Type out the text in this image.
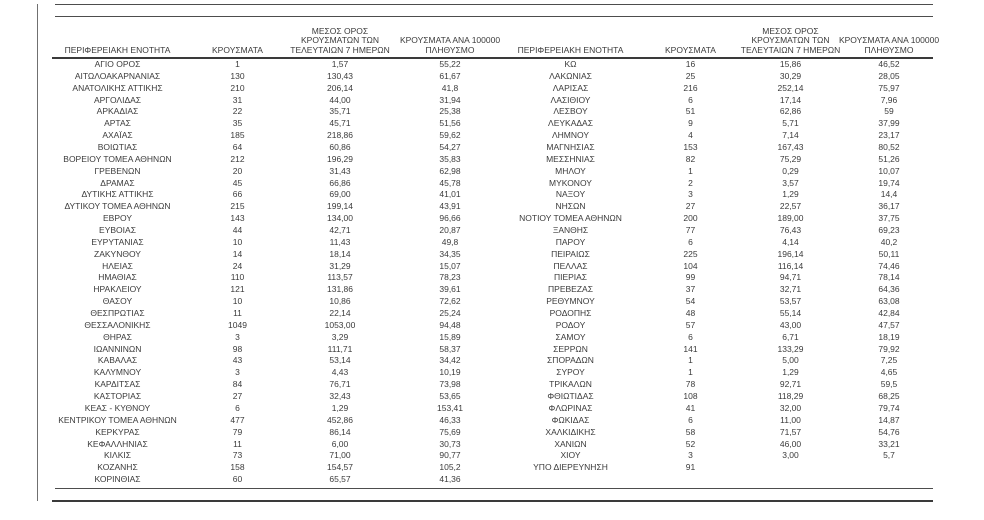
ΠΕΡΙΦΕΡΕΙΑΚΗ ΕΝΟΤΗΤΑ	ΚΡΟΥΣΜΑΤΑ
ΜΕΣΟΣ ΟΡΟΣ
ΚΡΟΥΣΜΑΤΩΝ ΤΩΝ
ΤΕΛΕΥΤΑΙΩΝ 7 ΗΜΕΡΩΝ
ΚΡΟΥΣΜΑΤΑ ΑΝΑ 100000
ΠΛΗΘΥΣΜΟ
ΑΓΙΟ ΟΡΟΣ	1	1,57	55,22
ΑΙΤΩΛΟΑΚΑΡΝΑΝΙΑΣ	130	130,43	61,67
ΑΝΑΤΟΛΙΚΗΣ ΑΤΤΙΚΗΣ	210	206,14	41,8
ΑΡΓΟΛΙΔΑΣ	31	44,00	31,94
ΑΡΚΑΔΙΑΣ	22	35,71	25,38
ΑΡΤΑΣ	35	45,71	51,56
ΑΧΑΪΑΣ	185	218,86	59,62
ΒΟΙΩΤΙΑΣ	64	60,86	54,27
ΒΟΡΕΙΟΥ ΤΟΜΕΑ ΑΘΗΝΩΝ	212	196,29	35,83
ΓΡΕΒΕΝΩΝ	20	31,43	62,98
ΔΡΑΜΑΣ	45	66,86	45,78
ΔΥΤΙΚΗΣ ΑΤΤΙΚΗΣ	66	69,00	41,01
ΔΥΤΙΚΟΥ ΤΟΜΕΑ ΑΘΗΝΩΝ	215	199,14	43,91
ΕΒΡΟΥ	143	134,00	96,66
ΕΥΒΟΙΑΣ	44	42,71	20,87
ΕΥΡΥΤΑΝΙΑΣ	10	11,43	49,8
ΖΑΚΥΝΘΟΥ	14	18,14	34,35
ΗΛΕΙΑΣ	24	31,29	15,07
ΗΜΑΘΙΑΣ	110	113,57	78,23
ΗΡΑΚΛΕΙΟΥ	121	131,86	39,61
ΘΑΣΟΥ	10	10,86	72,62
ΘΕΣΠΡΩΤΙΑΣ	11	22,14	25,24
ΘΕΣΣΑΛΟΝΙΚΗΣ	1049	1053,00	94,48
ΘΗΡΑΣ	3	3,29	15,89
ΙΩΑΝΝΙΝΩΝ	98	111,71	58,37
ΚΑΒΑΛΑΣ	43	53,14	34,42
ΚΑΛΥΜΝΟΥ	3	4,43	10,19
ΚΑΡΔΙΤΣΑΣ	84	76,71	73,98
ΚΑΣΤΟΡΙΑΣ	27	32,43	53,65
ΚΕΑΣ - ΚΥΘΝΟΥ	6	1,29	153,41
ΚΕΝΤΡΙΚΟΥ ΤΟΜΕΑ ΑΘΗΝΩΝ	477	452,86	46,33
ΚΕΡΚΥΡΑΣ	79	86,14	75,69
ΚΕΦΑΛΛΗΝΙΑΣ	11	6,00	30,73
ΚΙΛΚΙΣ	73	71,00	90,77
ΚΟΖΑΝΗΣ	158	154,57	105,2
ΚΟΡΙΝΘΙΑΣ	60	65,57	41,36
ΠΕΡΙΦΕΡΕΙΑΚΗ ΕΝΟΤΗΤΑ	ΚΡΟΥΣΜΑΤΑ
ΜΕΣΟΣ ΟΡΟΣ
ΚΡΟΥΣΜΑΤΩΝ ΤΩΝ
ΤΕΛΕΥΤΑΙΩΝ 7 ΗΜΕΡΩΝ
ΚΡΟΥΣΜΑΤΑ ΑΝΑ 100000
ΠΛΗΘΥΣΜΟ
ΚΩ	16	15,86	46,52
ΛΑΚΩΝΙΑΣ	25	30,29	28,05
ΛΑΡΙΣΑΣ	216	252,14	75,97
ΛΑΣΙΘΙΟΥ	6	17,14	7,96
ΛΕΣΒΟΥ	51	62,86	59
ΛΕΥΚΑΔΑΣ	9	5,71	37,99
ΛΗΜΝΟΥ	4	7,14	23,17
ΜΑΓΝΗΣΙΑΣ	153	167,43	80,52
ΜΕΣΣΗΝΙΑΣ	82	75,29	51,26
ΜΗΛΟΥ	1	0,29	10,07
ΜΥΚΟΝΟΥ	2	3,57	19,74
ΝΑΞΟΥ	3	1,29	14,4
ΝΗΣΩΝ	27	22,57	36,17
ΝΟΤΙΟΥ ΤΟΜΕΑ ΑΘΗΝΩΝ	200	189,00	37,75
ΞΑΝΘΗΣ	77	76,43	69,23
ΠΑΡΟΥ	6	4,14	40,2
ΠΕΙΡΑΙΩΣ	225	196,14	50,11
ΠΕΛΛΑΣ	104	116,14	74,46
ΠΙΕΡΙΑΣ	99	94,71	78,14
ΠΡΕΒΕΖΑΣ	37	32,71	64,36
ΡΕΘΥΜΝΟΥ	54	53,57	63,08
ΡΟΔΟΠΗΣ	48	55,14	42,84
ΡΟΔΟΥ	57	43,00	47,57
ΣΑΜΟΥ	6	6,71	18,19
ΣΕΡΡΩΝ	141	133,29	79,92
ΣΠΟΡΑΔΩΝ	1	5,00	7,25
ΣΥΡΟΥ	1	1,29	4,65
ΤΡΙΚΑΛΩΝ	78	92,71	59,5
ΦΘΙΩΤΙΔΑΣ	108	118,29	68,25
ΦΛΩΡΙΝΑΣ	41	32,00	79,74
ΦΩΚΙΔΑΣ	6	11,00	14,87
ΧΑΛΚΙΔΙΚΗΣ	58	71,57	54,76
ΧΑΝΙΩΝ	52	46,00	33,21
ΧΙΟΥ	3	3,00	5,7
ΥΠΟ ΔΙΕΡΕΥΝΗΣΗ	91
